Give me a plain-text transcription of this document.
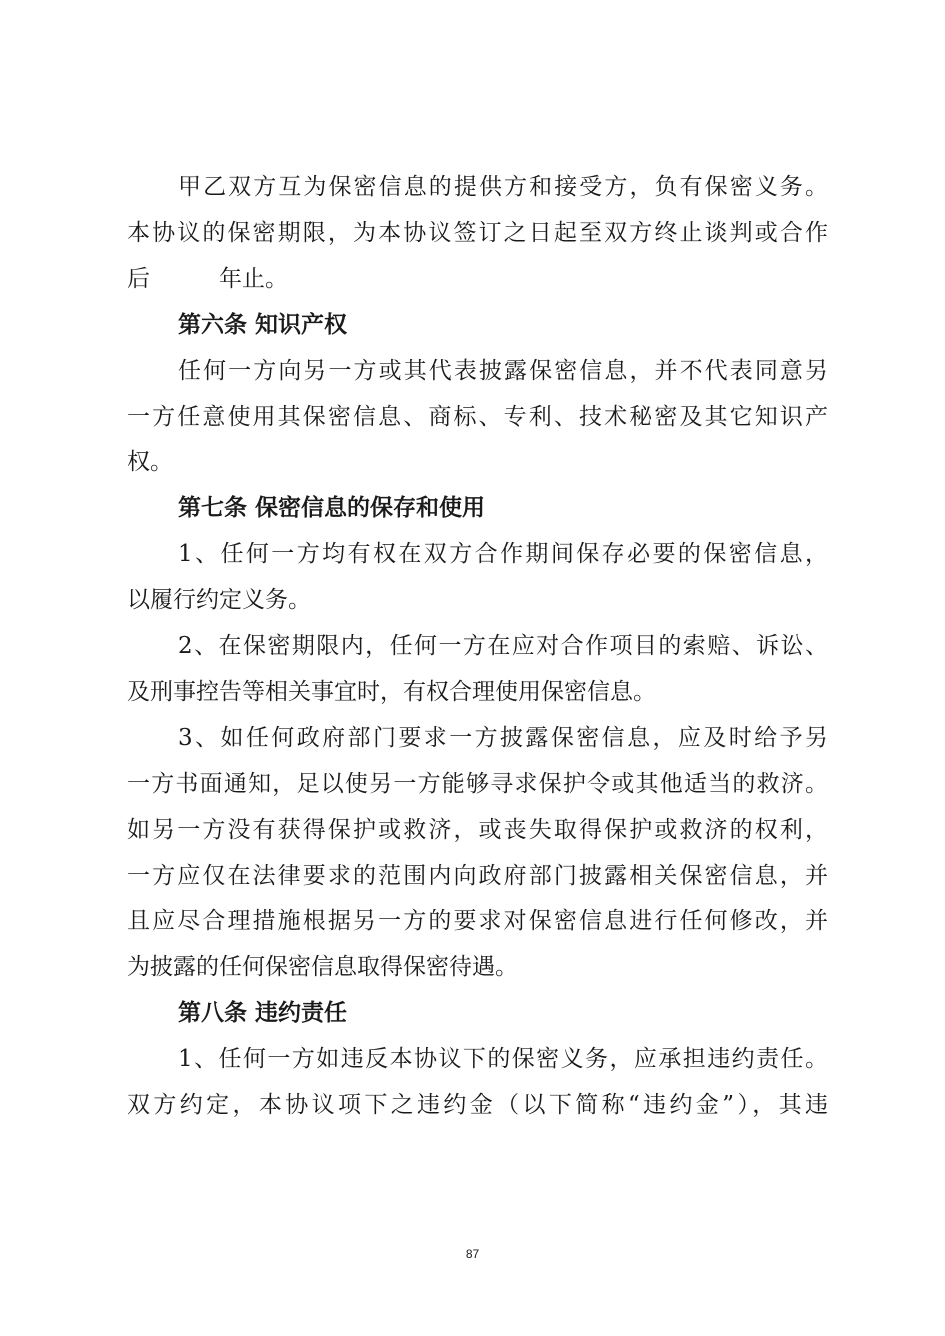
甲乙双方互为保密信息的提供方和接受方，负有保密义务。
本协议的保密期限，为本协议签订之日起至双方终止谈判或合作
后　　　年止。
第六条 知识产权
任何一方向另一方或其代表披露保密信息，并不代表同意另
一方任意使用其保密信息、商标、专利、技术秘密及其它知识产
权。
第七条 保密信息的保存和使用
1、任何一方均有权在双方合作期间保存必要的保密信息，
以履行约定义务。
2、在保密期限内，任何一方在应对合作项目的索赔、诉讼、
及刑事控告等相关事宜时，有权合理使用保密信息。
3、如任何政府部门要求一方披露保密信息，应及时给予另
一方书面通知，足以使另一方能够寻求保护令或其他适当的救济。
如另一方没有获得保护或救济，或丧失取得保护或救济的权利，
一方应仅在法律要求的范围内向政府部门披露相关保密信息，并
且应尽合理措施根据另一方的要求对保密信息进行任何修改，并
为披露的任何保密信息取得保密待遇。
第八条 违约责任
1、任何一方如违反本协议下的保密义务，应承担违约责任。
双方约定，本协议项下之违约金（以下简称“违约金”），其违
87
